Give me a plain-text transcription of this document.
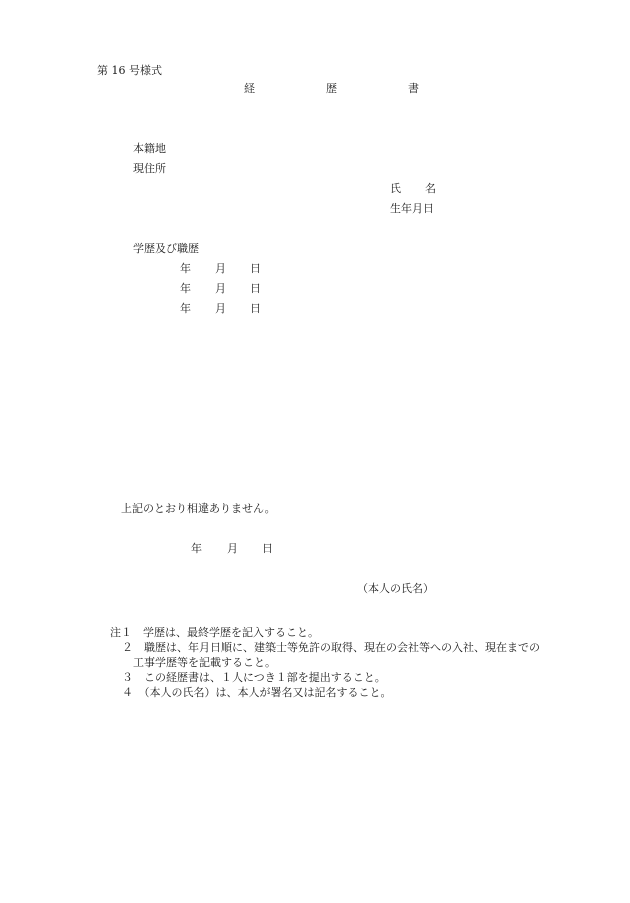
第 16 号様式

経

	歴

	書

本籍地
現住所

氏

名

生年月日
学歴及び職歴

年

月

日

年

月

日

年

月

日

上記のとおり相違ありません。

年

月

日

（本人の氏名）
注１　学歴は、最終学歴を記入すること。
２　職歴は、年月日順に、建築士等免許の取得、現在の会社等への入社、現在までの
工事学歴等を記載すること。
３　この経歴書は、１人につき１部を提出すること。
４　（本人の氏名）は、本人が署名又は記名すること。
